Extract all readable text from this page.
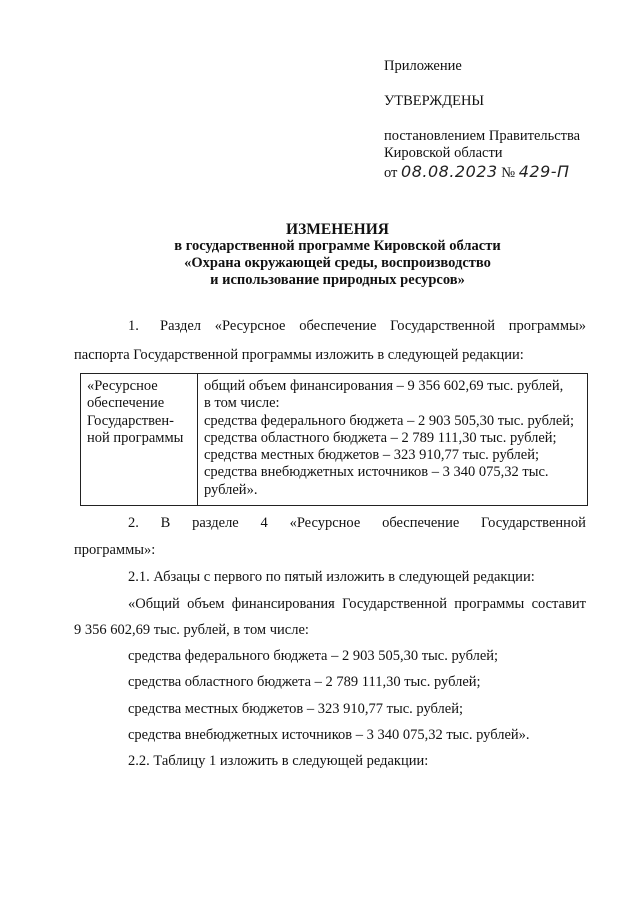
Приложение
УТВЕРЖДЕНЫ
постановлением Правительства
Кировской области
от 08.08.2023 № 429-П
ИЗМЕНЕНИЯ
в государственной программе Кировской области
«Охрана окружающей среды, воспроизводство
и использование природных ресурсов»
1. Раздел «Ресурсное обеспечение Государственной программы»
паспорта Государственной программы изложить в следующей редакции:
«Ресурсное
обеспечение
Государствен-
ной программы
общий объем финансирования – 9 356 602,69 тыс. рублей,
в том числе:
средства федерального бюджета – 2 903 505,30 тыс. рублей;
средства областного бюджета – 2 789 111,30 тыс. рублей;
средства местных бюджетов – 323 910,77 тыс. рублей;
средства внебюджетных источников – 3 340 075,32 тыс.
рублей».
2. В разделе 4 «Ресурсное обеспечение Государственной
программы»:
2.1. Абзацы с первого по пятый изложить в следующей редакции:
«Общий объем финансирования Государственной программы составит
9 356 602,69 тыс. рублей, в том числе:
средства федерального бюджета – 2 903 505,30 тыс. рублей;
средства областного бюджета – 2 789 111,30 тыс. рублей;
средства местных бюджетов – 323 910,77 тыс. рублей;
средства внебюджетных источников – 3 340 075,32 тыс. рублей».
2.2. Таблицу 1 изложить в следующей редакции:
